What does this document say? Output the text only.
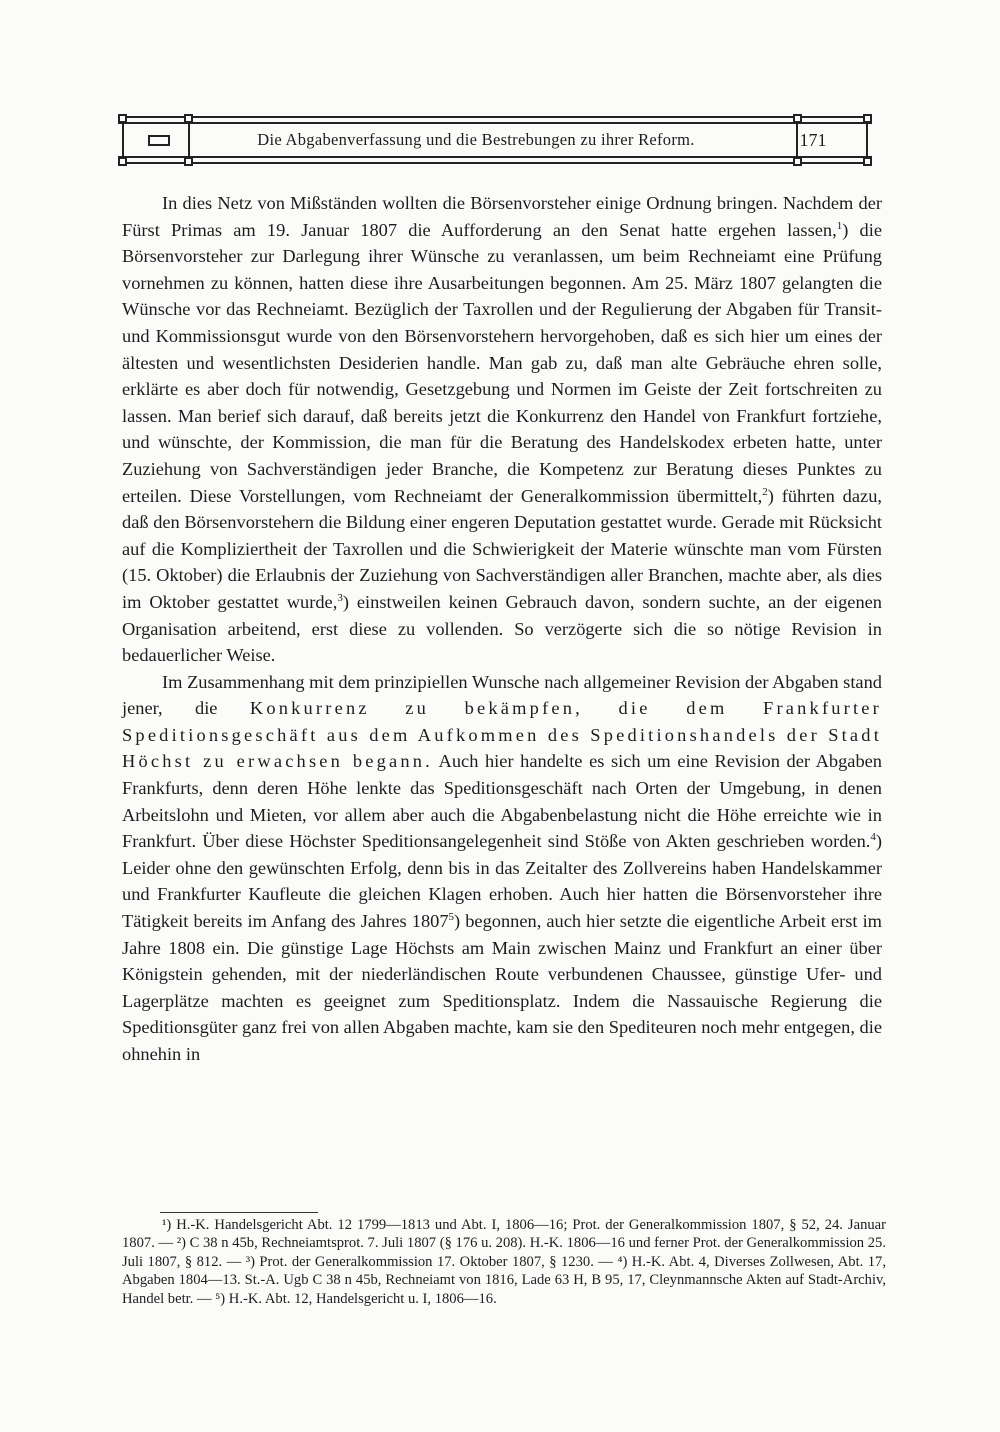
Die Abgabenverfassung und die Bestrebungen zu ihrer Reform.	171

In dies Netz von Mißständen wollten die Börsenvorsteher einige Ordnung bringen. Nachdem der Fürst Primas am 19. Januar 1807 die Aufforderung an den Senat hatte ergehen lassen,$^1$) die Börsenvorsteher zur Darlegung ihrer Wünsche zu veranlassen, um beim Rechneiamt eine Prüfung vornehmen zu können, hatten diese ihre Ausarbeitungen begonnen. Am 25. März 1807 gelangten die Wünsche vor das Rechneiamt. Bezüglich der Taxrollen und der Regulierung der Abgaben für Transit- und Kommissionsgut wurde von den Börsenvorstehern hervorgehoben, daß es sich hier um eines der ältesten und wesentlichsten Desiderien handle. Man gab zu, daß man alte Gebräuche ehren solle, erklärte es aber doch für notwendig, Gesetzgebung und Normen im Geiste der Zeit fortschreiten zu lassen. Man berief sich darauf, daß bereits jetzt die Konkurrenz den Handel von Frankfurt fortziehe, und wünschte, der Kommission, die man für die Beratung des Handelskodex erbeten hatte, unter Zuziehung von Sachverständigen jeder Branche, die Kompetenz zur Beratung dieses Punktes zu erteilen. Diese Vorstellungen, vom Rechneiamt der Generalkommission übermittelt,$^2$) führten dazu, daß den Börsenvorstehern die Bildung einer engeren Deputation gestattet wurde. Gerade mit Rücksicht auf die Kompliziertheit der Taxrollen und die Schwierigkeit der Materie wünschte man vom Fürsten (15. Oktober) die Erlaubnis der Zuziehung von Sachverständigen aller Branchen, machte aber, als dies im Oktober gestattet wurde,$^3$) einstweilen keinen Gebrauch davon, sondern suchte, an der eigenen Organisation arbeitend, erst diese zu vollenden. So verzögerte sich die so nötige Revision in bedauerlicher Weise.

Im Zusammenhang mit dem prinzipiellen Wunsche nach allgemeiner Revision der Abgaben stand jener, die Konkurrenz zu bekämpfen, die dem Frankfurter Speditionsgeschäft aus dem Aufkommen des Speditionshandels der Stadt Höchst zu erwachsen begann. Auch hier handelte es sich um eine Revision der Abgaben Frankfurts, denn deren Höhe lenkte das Speditionsgeschäft nach Orten der Umgebung, in denen Arbeitslohn und Mieten, vor allem aber auch die Abgabenbelastung nicht die Höhe erreichte wie in Frankfurt. Über diese Höchster Speditionsangelegenheit sind Stöße von Akten geschrieben worden.$^4$) Leider ohne den gewünschten Erfolg, denn bis in das Zeitalter des Zollvereins haben Handelskammer und Frankfurter Kaufleute die gleichen Klagen erhoben. Auch hier hatten die Börsenvorsteher ihre Tätigkeit bereits im Anfang des Jahres 1807$^5$) begonnen, auch hier setzte die eigentliche Arbeit erst im Jahre 1808 ein. Die günstige Lage Höchsts am Main zwischen Mainz und Frankfurt an einer über Königstein gehenden, mit der niederländischen Route verbundenen Chaussee, günstige Ufer- und Lagerplätze machten es geeignet zum Speditionsplatz. Indem die Nassauische Regierung die Speditionsgüter ganz frei von allen Abgaben machte, kam sie den Spediteuren noch mehr entgegen, die ohnehin in

¹) H.-K. Handelsgericht Abt. 12 1799—1813 und Abt. I, 1806—16; Prot. der Generalkommission 1807, § 52, 24. Januar 1807. — ²) C 38 n 45b, Rechneiamtsprot. 7. Juli 1807 (§ 176 u. 208). H.-K. 1806—16 und ferner Prot. der Generalkommission 25. Juli 1807, § 812. — ³) Prot. der Generalkommission 17. Oktober 1807, § 1230. — ⁴) H.-K. Abt. 4, Diverses Zollwesen, Abt. 17, Abgaben 1804—13. St.-A. Ugb C 38 n 45b, Rechneiamt von 1816, Lade 63 H, B 95, 17, Cleynmannsche Akten auf Stadt-Archiv, Handel betr. — ⁵) H.-K. Abt. 12, Handelsgericht u. I, 1806—16.
